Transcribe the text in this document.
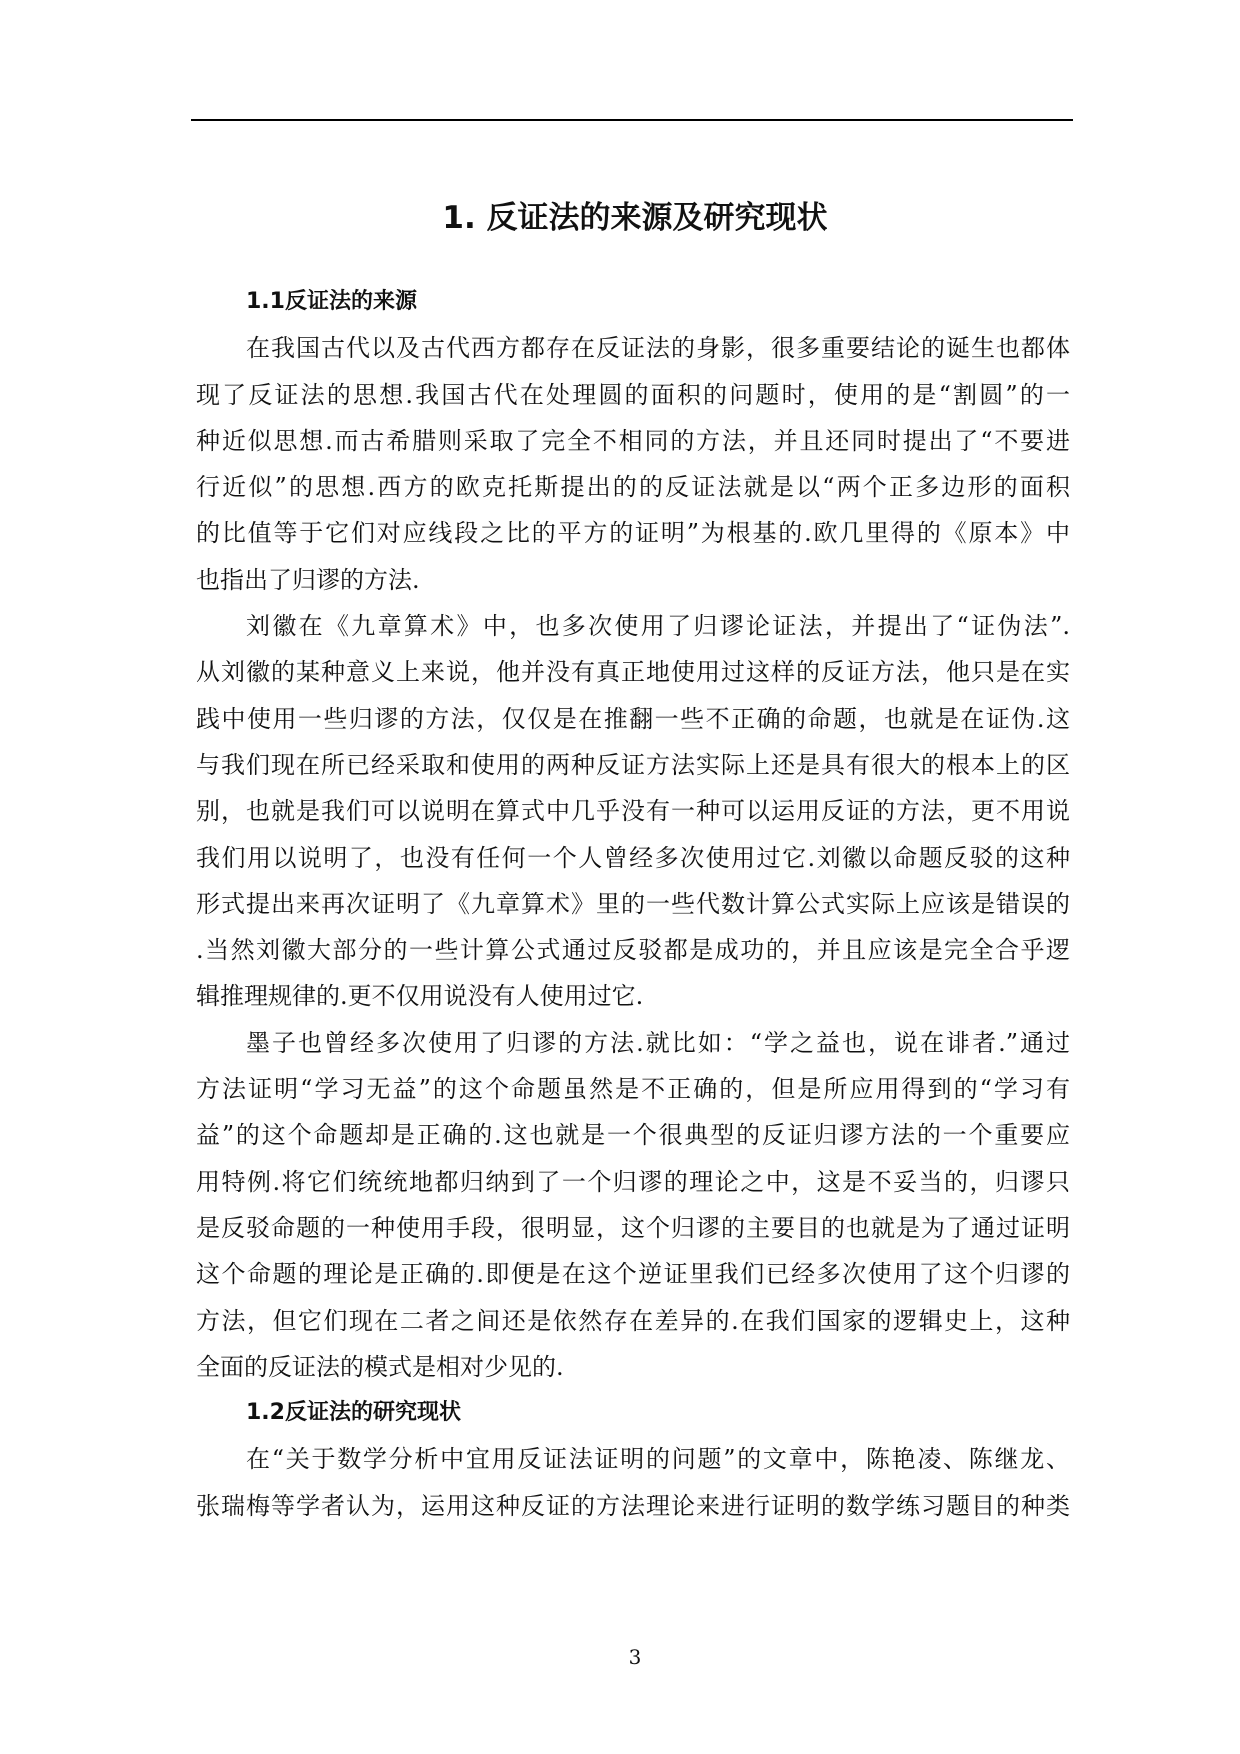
1. 反证法的来源及研究现状
1.1反证法的来源
在我国古代以及古代西方都存在反证法的身影，很多重要结论的诞生也都体
现了反证法的思想.我国古代在处理圆的面积的问题时，使用的是“割圆”的一
种近似思想.而古希腊则采取了完全不相同的方法，并且还同时提出了“不要进
行近似”的思想.西方的欧克托斯提出的的反证法就是以“两个正多边形的面积
的比值等于它们对应线段之比的平方的证明”为根基的.欧几里得的《原本》中
也指出了归谬的方法.
刘徽在《九章算术》中，也多次使用了归谬论证法，并提出了“证伪法”.
从刘徽的某种意义上来说，他并没有真正地使用过这样的反证方法，他只是在实
践中使用一些归谬的方法，仅仅是在推翻一些不正确的命题，也就是在证伪.这
与我们现在所已经采取和使用的两种反证方法实际上还是具有很大的根本上的区
别，也就是我们可以说明在算式中几乎没有一种可以运用反证的方法，更不用说
我们用以说明了，也没有任何一个人曾经多次使用过它.刘徽以命题反驳的这种
形式提出来再次证明了《九章算术》里的一些代数计算公式实际上应该是错误的
.当然刘徽大部分的一些计算公式通过反驳都是成功的，并且应该是完全合乎逻
辑推理规律的.更不仅用说没有人使用过它.
墨子也曾经多次使用了归谬的方法.就比如：“学之益也，说在诽者.”通过
方法证明“学习无益”的这个命题虽然是不正确的，但是所应用得到的“学习有
益”的这个命题却是正确的.这也就是一个很典型的反证归谬方法的一个重要应
用特例.将它们统统地都归纳到了一个归谬的理论之中，这是不妥当的，归谬只
是反驳命题的一种使用手段，很明显，这个归谬的主要目的也就是为了通过证明
这个命题的理论是正确的.即便是在这个逆证里我们已经多次使用了这个归谬的
方法，但它们现在二者之间还是依然存在差异的.在我们国家的逻辑史上，这种
全面的反证法的模式是相对少见的.
1.2反证法的研究现状
在“关于数学分析中宜用反证法证明的问题”的文章中，陈艳凌、陈继龙、
张瑞梅等学者认为，运用这种反证的方法理论来进行证明的数学练习题目的种类
3
